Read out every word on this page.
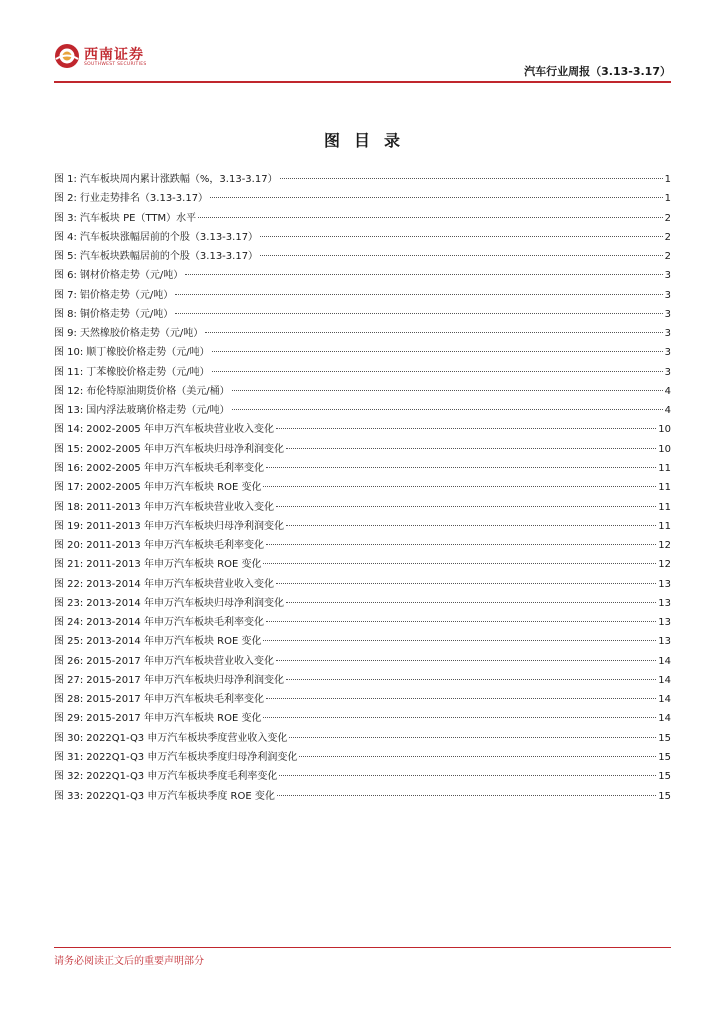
西南证券
SOUTHWEST SECURITIES
汽车行业周报（3.13-3.17）
图目录
图 1: 汽车板块周内累计涨跌幅（%，3.13-3.17）	1
图 2: 行业走势排名（3.13-3.17）	1
图 3: 汽车板块 PE（TTM）水平	2
图 4: 汽车板块涨幅居前的个股（3.13-3.17）	2
图 5: 汽车板块跌幅居前的个股（3.13-3.17）	2
图 6: 钢材价格走势（元/吨）	3
图 7: 铝价格走势（元/吨）	3
图 8: 铜价格走势（元/吨）	3
图 9: 天然橡胶价格走势（元/吨）	3
图 10: 顺丁橡胶价格走势（元/吨）	3
图 11: 丁苯橡胶价格走势（元/吨）	3
图 12: 布伦特原油期货价格（美元/桶）	4
图 13: 国内浮法玻璃价格走势（元/吨）	4
图 14: 2002-2005 年申万汽车板块营业收入变化	10
图 15: 2002-2005 年申万汽车板块归母净利润变化	10
图 16: 2002-2005 年申万汽车板块毛利率变化	11
图 17: 2002-2005 年申万汽车板块 ROE 变化	11
图 18: 2011-2013 年申万汽车板块营业收入变化	11
图 19: 2011-2013 年申万汽车板块归母净利润变化	11
图 20: 2011-2013 年申万汽车板块毛利率变化	12
图 21: 2011-2013 年申万汽车板块 ROE 变化	12
图 22: 2013-2014 年申万汽车板块营业收入变化	13
图 23: 2013-2014 年申万汽车板块归母净利润变化	13
图 24: 2013-2014 年申万汽车板块毛利率变化	13
图 25: 2013-2014 年申万汽车板块 ROE 变化	13
图 26: 2015-2017 年申万汽车板块营业收入变化	14
图 27: 2015-2017 年申万汽车板块归母净利润变化	14
图 28: 2015-2017 年申万汽车板块毛利率变化	14
图 29: 2015-2017 年申万汽车板块 ROE 变化	14
图 30: 2022Q1-Q3 申万汽车板块季度营业收入变化	15
图 31: 2022Q1-Q3 申万汽车板块季度归母净利润变化	15
图 32: 2022Q1-Q3 申万汽车板块季度毛利率变化	15
图 33: 2022Q1-Q3 申万汽车板块季度 ROE 变化	15
请务必阅读正文后的重要声明部分
